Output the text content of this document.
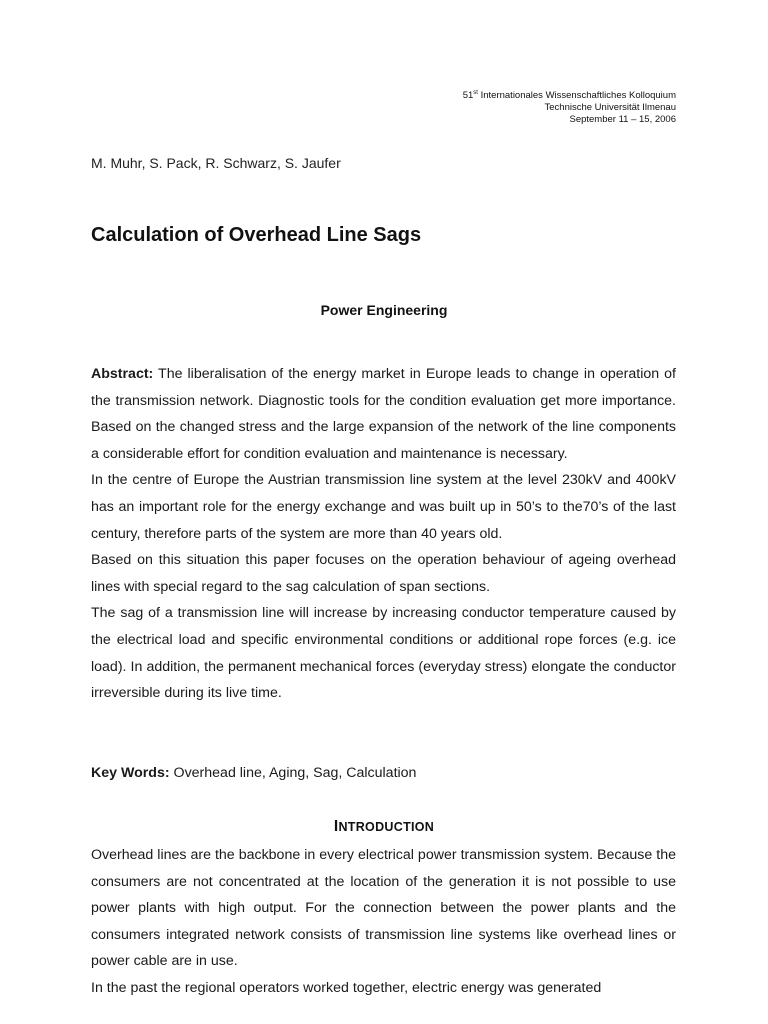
51st Internationales Wissenschaftliches Kolloquium
Technische Universität Ilmenau
September 11 – 15, 2006
M. Muhr, S. Pack, R. Schwarz, S. Jaufer
Calculation of Overhead Line Sags
Power Engineering

Abstract: The liberalisation of the energy market in Europe leads to change in operation of the transmission network. Diagnostic tools for the condition evaluation get more importance. Based on the changed stress and the large expansion of the network of the line components a considerable effort for condition evaluation and maintenance is necessary.

In the centre of Europe the Austrian transmission line system at the level 230kV and 400kV has an important role for the energy exchange and was built up in 50’s to the70’s of the last century, therefore parts of the system are more than 40 years old.

Based on this situation this paper focuses on the operation behaviour of ageing overhead lines with special regard to the sag calculation of span sections.

The sag of a transmission line will increase by increasing conductor temperature caused by the electrical load and specific environmental conditions or additional rope forces (e.g. ice load). In addition, the permanent mechanical forces (everyday stress) elongate the conductor irreversible during its live time.

Key Words: Overhead line, Aging, Sag, Calculation
INTRODUCTION

Overhead lines are the backbone in every electrical power transmission system. Because the consumers are not concentrated at the location of the generation it is not possible to use power plants with high output. For the connection between the power plants and the consumers integrated network consists of transmission line systems like overhead lines or power cable are in use.

In the past the regional operators worked together, electric energy was generated
